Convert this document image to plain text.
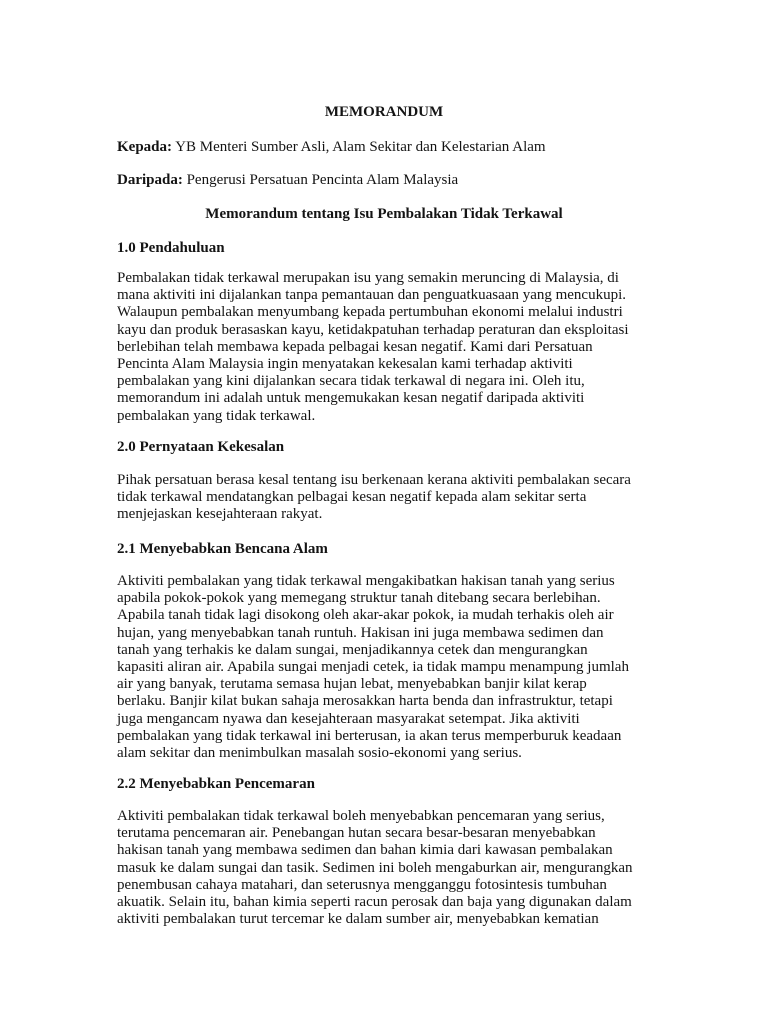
MEMORANDUM

Kepada: YB Menteri Sumber Asli, Alam Sekitar dan Kelestarian Alam

Daripada: Pengerusi Persatuan Pencinta Alam Malaysia

Memorandum tentang Isu Pembalakan Tidak Terkawal

1.0 Pendahuluan

Pembalakan tidak terkawal merupakan isu yang semakin meruncing di Malaysia, di
mana aktiviti ini dijalankan tanpa pemantauan dan penguatkuasaan yang mencukupi.
Walaupun pembalakan menyumbang kepada pertumbuhan ekonomi melalui industri
kayu dan produk berasaskan kayu, ketidakpatuhan terhadap peraturan dan eksploitasi
berlebihan telah membawa kepada pelbagai kesan negatif. Kami dari Persatuan
Pencinta Alam Malaysia ingin menyatakan kekesalan kami terhadap aktiviti
pembalakan yang kini dijalankan secara tidak terkawal di negara ini. Oleh itu,
memorandum ini adalah untuk mengemukakan kesan negatif daripada aktiviti
pembalakan yang tidak terkawal.

2.0 Pernyataan Kekesalan

Pihak persatuan berasa kesal tentang isu berkenaan kerana aktiviti pembalakan secara
tidak terkawal mendatangkan pelbagai kesan negatif kepada alam sekitar serta
menjejaskan kesejahteraan rakyat.

2.1 Menyebabkan Bencana Alam

Aktiviti pembalakan yang tidak terkawal mengakibatkan hakisan tanah yang serius
apabila pokok-pokok yang memegang struktur tanah ditebang secara berlebihan.
Apabila tanah tidak lagi disokong oleh akar-akar pokok, ia mudah terhakis oleh air
hujan, yang menyebabkan tanah runtuh. Hakisan ini juga membawa sedimen dan
tanah yang terhakis ke dalam sungai, menjadikannya cetek dan mengurangkan
kapasiti aliran air. Apabila sungai menjadi cetek, ia tidak mampu menampung jumlah
air yang banyak, terutama semasa hujan lebat, menyebabkan banjir kilat kerap
berlaku. Banjir kilat bukan sahaja merosakkan harta benda dan infrastruktur, tetapi
juga mengancam nyawa dan kesejahteraan masyarakat setempat. Jika aktiviti
pembalakan yang tidak terkawal ini berterusan, ia akan terus memperburuk keadaan
alam sekitar dan menimbulkan masalah sosio-ekonomi yang serius.

2.2 Menyebabkan Pencemaran

Aktiviti pembalakan tidak terkawal boleh menyebabkan pencemaran yang serius,
terutama pencemaran air. Penebangan hutan secara besar-besaran menyebabkan
hakisan tanah yang membawa sedimen dan bahan kimia dari kawasan pembalakan
masuk ke dalam sungai dan tasik. Sedimen ini boleh mengaburkan air, mengurangkan
penembusan cahaya matahari, dan seterusnya mengganggu fotosintesis tumbuhan
akuatik. Selain itu, bahan kimia seperti racun perosak dan baja yang digunakan dalam
aktiviti pembalakan turut tercemar ke dalam sumber air, menyebabkan kematian
